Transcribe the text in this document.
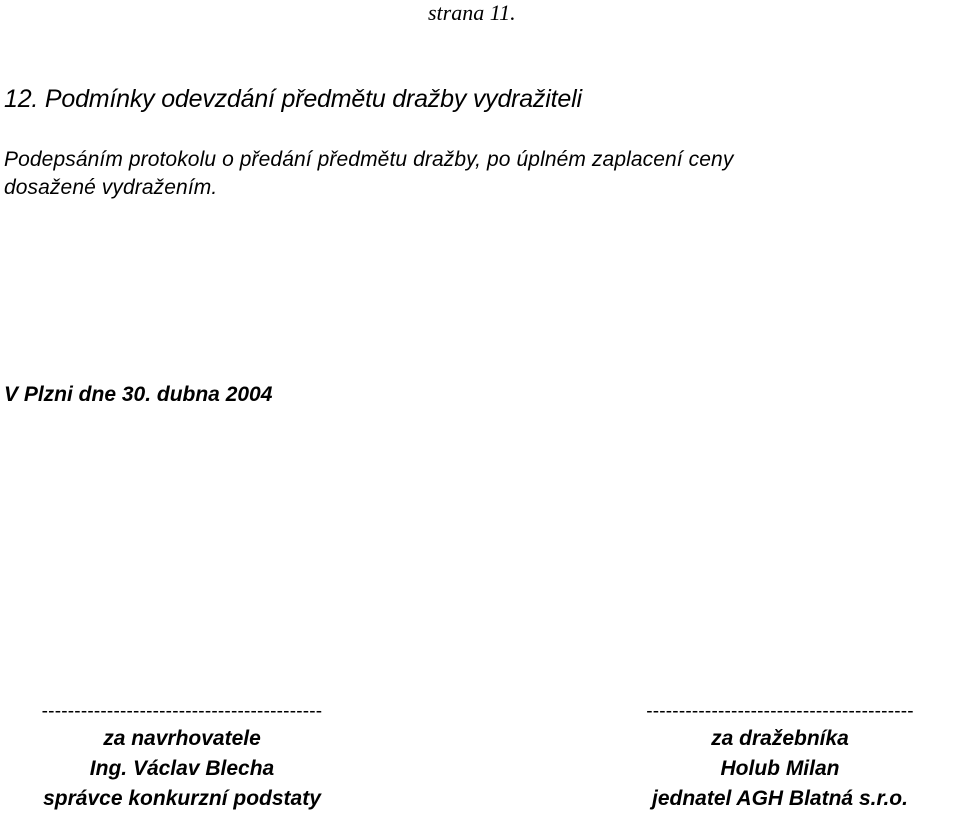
strana 11.
12. Podmínky odevzdání předmětu dražby vydražiteli
Podepsáním protokolu o předání předmětu dražby, po úplném zaplacení ceny
dosažené vydražením.
V Plzni dne 30. dubna 2004
-------------------------------------------
za navrhovatele
Ing. Václav Blecha
správce konkurzní podstaty
-----------------------------------------
za dražebníka
Holub Milan
jednatel AGH Blatná s.r.o.
